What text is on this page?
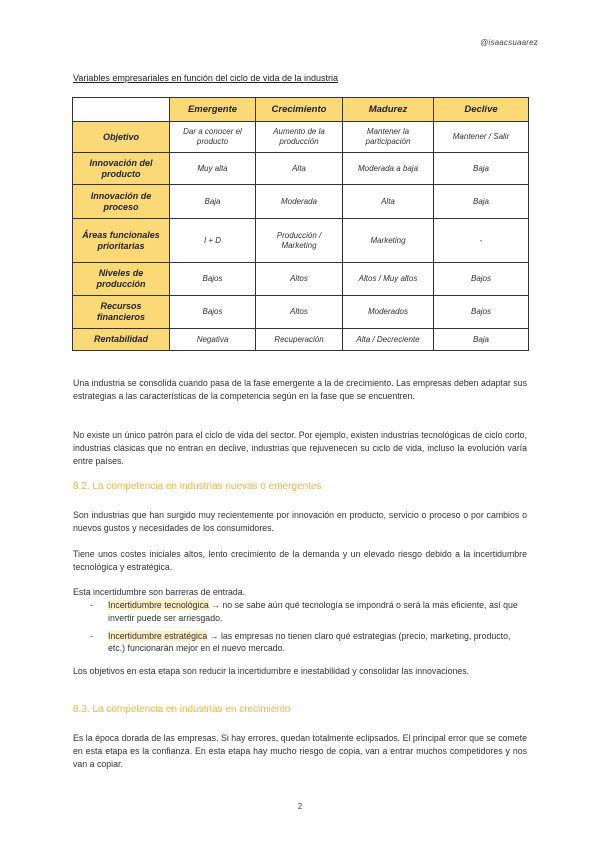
@isaacsuaarez
Variables empresariales en función del ciclo de vida de la industria
	Emergente	Crecimiento	Madurez	Declive
Objetivo	Dar a conocer el producto	Aumento de la producción	Mantener la participación	Mantener / Salir
Innovación del producto	Muy alta	Alta	Moderada a baja	Baja
Innovación de proceso	Baja	Moderada	Alta	Baja
Áreas funcionales prioritarias	I + D	Producción / Marketing	Marketing	-
Niveles de producción	Bajos	Altos	Altos / Muy altos	Bajos
Recursos financieros	Bajos	Altos	Moderados	Bajos
Rentabilidad	Negativa	Recuperación	Alta / Decreciente	Baja

Una industria se consolida cuando pasa de la fase emergente a la de crecimiento. Las empresas deben adaptar sus estrategias a las características de la competencia según en la fase que se encuentren.

No existe un único patrón para el ciclo de vida del sector. Por ejemplo, existen industrias tecnológicas de ciclo corto, industrias clásicas que no entran en declive, industrias que rejuvenecen su ciclo de vida, incluso la evolución varía entre países.

8.2. La competencia en industrias nuevas o emergentes

Son industrias que han surgido muy recientemente por innovación en producto, servicio o proceso o por cambios o nuevos gustos y necesidades de los consumidores.

Tiene unos costes iniciales altos, lento crecimiento de la demanda y un elevado riesgo debido a la incertidumbre tecnológica y estratégica.

Esta incertidumbre son barreras de entrada.

- Incertidumbre tecnológica → no se sabe aún qué tecnología se impondrá o será la más eficiente, así que invertir puede ser arriesgado.
- Incertidumbre estratégica → las empresas no tienen claro qué estrategias (precio, marketing, producto, etc.) funcionarán mejor en el nuevo mercado.

Los objetivos en esta etapa son reducir la incertidumbre e inestabilidad y consolidar las innovaciones.

8.3. La competencia en industrias en crecimiento

Es la época dorada de las empresas. Si hay errores, quedan totalmente eclipsados. El principal error que se comete en esta etapa es la confianza. En esta etapa hay mucho riesgo de copia, van a entrar muchos competidores y nos van a copiar.

2
